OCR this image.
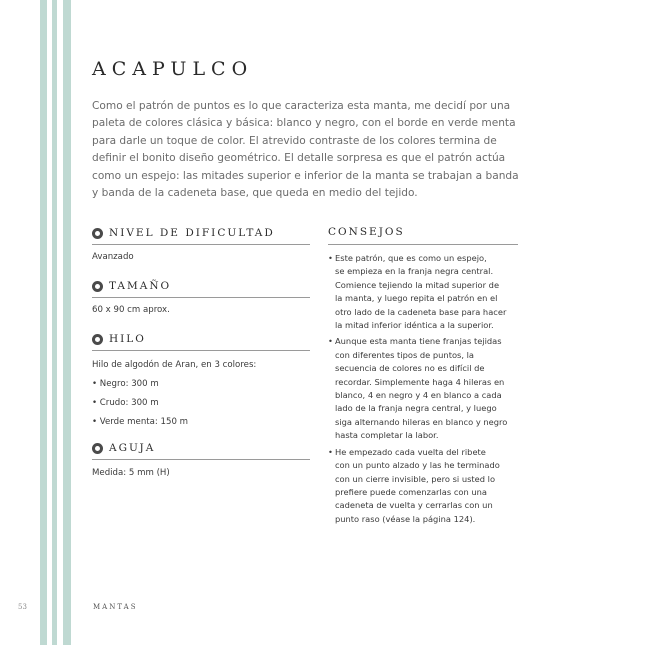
ACAPULCO
Como el patrón de puntos es lo que caracteriza esta manta, me decidí por una
paleta de colores clásica y básica: blanco y negro, con el borde en verde menta
para darle un toque de color. El atrevido contraste de los colores termina de
definir el bonito diseño geométrico. El detalle sorpresa es que el patrón actúa
como un espejo: las mitades superior e inferior de la manta se trabajan a banda
y banda de la cadeneta base, que queda en medio del tejido.
NIVEL DE DIFICULTAD
Avanzado
TAMAÑO
60 x 90 cm aprox.
HILO
Hilo de algodón de Aran, en 3 colores:
• Negro: 300 m
• Crudo: 300 m
• Verde menta: 150 m
AGUJA
Medida: 5 mm (H)
CONSEJOS
• Este patrón, que es como un espejo,
se empieza en la franja negra central.
Comience tejiendo la mitad superior de
la manta, y luego repita el patrón en el
otro lado de la cadeneta base para hacer
la mitad inferior idéntica a la superior.
• Aunque esta manta tiene franjas tejidas
con diferentes tipos de puntos, la
secuencia de colores no es difícil de
recordar. Simplemente haga 4 hileras en
blanco, 4 en negro y 4 en blanco a cada
lado de la franja negra central, y luego
siga alternando hileras en blanco y negro
hasta completar la labor.
• He empezado cada vuelta del ribete
con un punto alzado y las he terminado
con un cierre invisible, pero si usted lo
prefiere puede comenzarlas con una
cadeneta de vuelta y cerrarlas con un
punto raso (véase la página 124).
53	MANTAS
